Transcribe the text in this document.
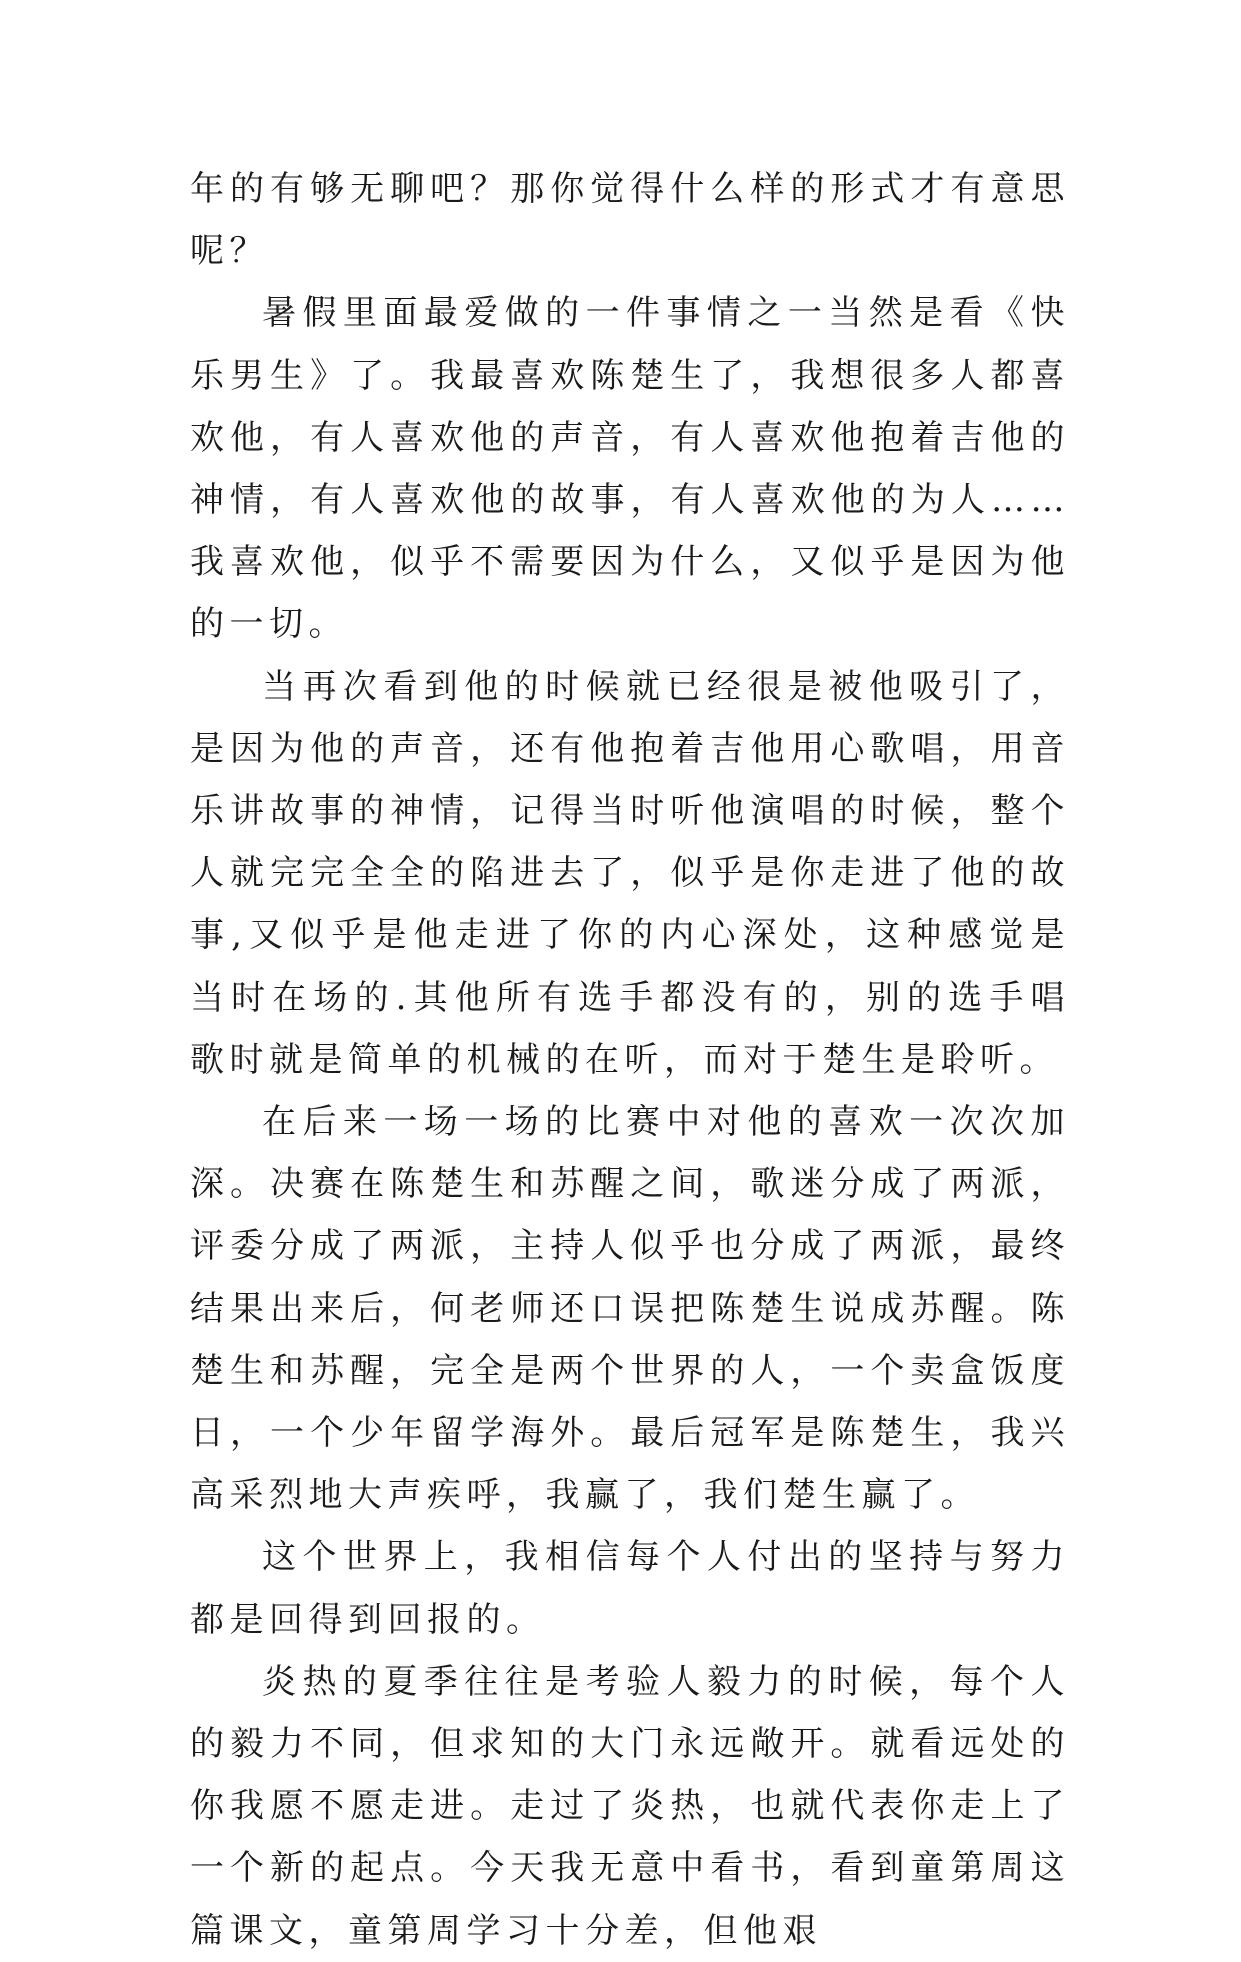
年的有够无聊吧？那你觉得什么样的形式才有意思呢？

暑假里面最爱做的一件事情之一当然是看《快乐男生》了。我最喜欢陈楚生了，我想很多人都喜欢他，有人喜欢他的声音，有人喜欢他抱着吉他的神情，有人喜欢他的故事，有人喜欢他的为人……我喜欢他，似乎不需要因为什么，又似乎是因为他的一切。

当再次看到他的时候就已经很是被他吸引了，是因为他的声音，还有他抱着吉他用心歌唱，用音乐讲故事的神情，记得当时听他演唱的时候，整个人就完完全全的陷进去了，似乎是你走进了他的故事,又似乎是他走进了你的内心深处，这种感觉是当时在场的.其他所有选手都没有的，别的选手唱歌时就是简单的机械的在听，而对于楚生是聆听。

在后来一场一场的比赛中对他的喜欢一次次加深。决赛在陈楚生和苏醒之间，歌迷分成了两派，评委分成了两派，主持人似乎也分成了两派，最终结果出来后，何老师还口误把陈楚生说成苏醒。陈楚生和苏醒，完全是两个世界的人，一个卖盒饭度日，一个少年留学海外。最后冠军是陈楚生，我兴高采烈地大声疾呼，我赢了，我们楚生赢了。

这个世界上，我相信每个人付出的坚持与努力都是回得到回报的。

炎热的夏季往往是考验人毅力的时候，每个人的毅力不同，但求知的大门永远敞开。就看远处的你我愿不愿走进。走过了炎热，也就代表你走上了一个新的起点。今天我无意中看书，看到童第周这篇课文，童第周学习十分差，但他艰
